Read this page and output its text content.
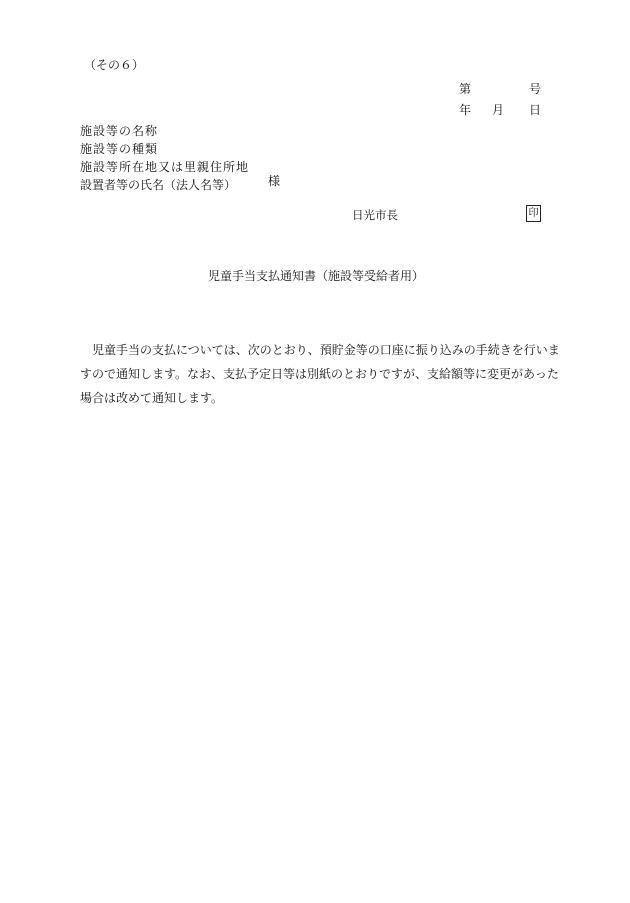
（その６）
第	号
年 月 日
施設等の名称
施設等の種類
施設等所在地又は里親住所地
設置者等の氏名（法人名等）	様
日光市長	印
児童手当支払通知書（施設等受給者用）
児童手当の支払については、次のとおり、預貯金等の口座に振り込みの手続きを行いま
すので通知します。なお、支払予定日等は別紙のとおりですが、支給額等に変更があった
場合は改めて通知します。
